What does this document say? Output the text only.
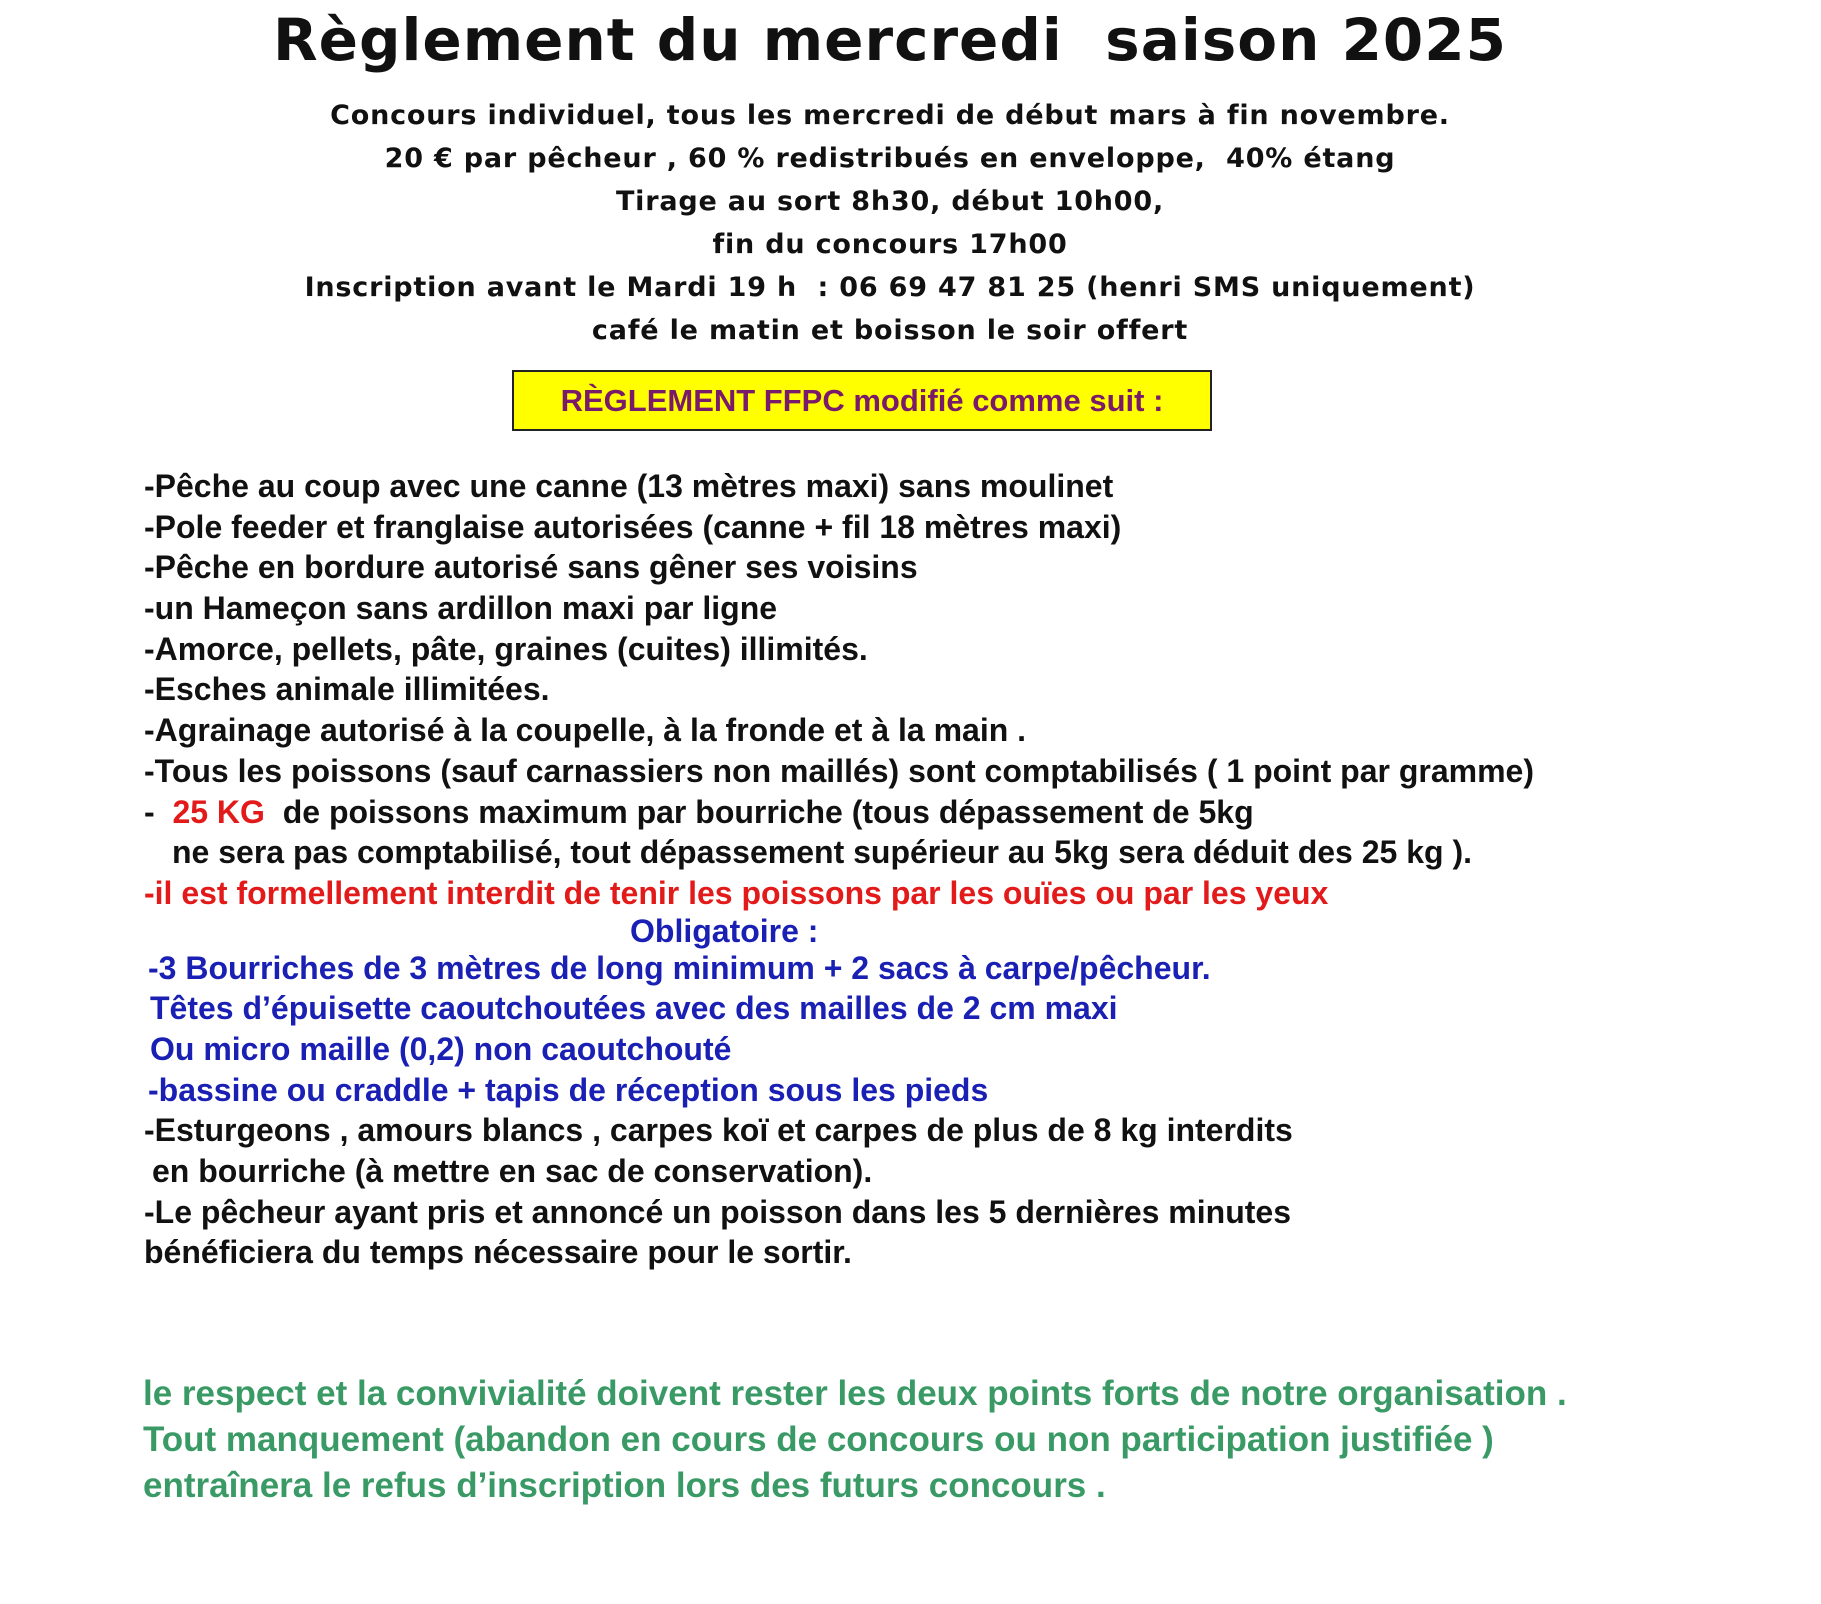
Règlement du mercredi  saison 2025
Concours individuel, tous les mercredi de début mars à fin novembre.
20 € par pêcheur , 60 % redistribués en enveloppe,  40% étang
Tirage au sort 8h30, début 10h00,
fin du concours 17h00
Inscription avant le Mardi 19 h  : 06 69 47 81 25 (henri SMS uniquement)
café le matin et boisson le soir offert
RÈGLEMENT FFPC modifié comme suit :
-Pêche au coup avec une canne (13 mètres maxi) sans moulinet
-Pole feeder et franglaise autorisées (canne + fil 18 mètres maxi)
-Pêche en bordure autorisé sans gêner ses voisins
-un Hameçon sans ardillon maxi par ligne
-Amorce, pellets, pâte, graines (cuites) illimités.
-Esches animale illimitées.
-Agrainage autorisé à la coupelle, à la fronde et à la main .
-Tous les poissons (sauf carnassiers non maillés) sont comptabilisés ( 1 point par gramme)
-  25 KG  de poissons maximum par bourriche (tous dépassement de 5kg
ne sera pas comptabilisé, tout dépassement supérieur au 5kg sera déduit des 25 kg ).
-il est formellement interdit de tenir les poissons par les ouïes ou par les yeux
Obligatoire :
-3 Bourriches de 3 mètres de long minimum + 2 sacs à carpe/pêcheur.
Têtes d’épuisette caoutchoutées avec des mailles de 2 cm maxi
Ou micro maille (0,2) non caoutchouté
-bassine ou craddle + tapis de réception sous les pieds
-Esturgeons , amours blancs , carpes koï et carpes de plus de 8 kg interdits
en bourriche (à mettre en sac de conservation).
-Le pêcheur ayant pris et annoncé un poisson dans les 5 dernières minutes
bénéficiera du temps nécessaire pour le sortir.
le respect et la convivialité doivent rester les deux points forts de notre organisation .
Tout manquement (abandon en cours de concours ou non participation justifiée )
entraînera le refus d’inscription lors des futurs concours .
